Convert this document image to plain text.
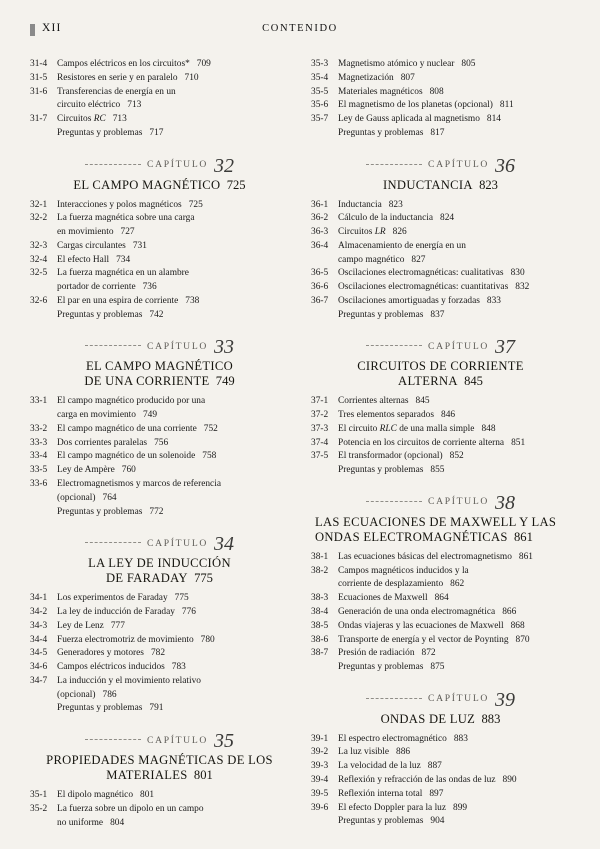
XII	CONTENIDO
31-4	Campos eléctricos en los circuitos* 709
31-5	Resistores en serie y en paralelo 710
31-6	Transferencias de energía en un
circuito eléctrico 713
31-7	Circuitos RC 713
Preguntas y problemas 717
CAPÍTULO 32
EL CAMPO MAGNÉTICO  725
32-1	Interacciones y polos magnéticos 725
32-2	La fuerza magnética sobre una carga
en movimiento 727
32-3	Cargas circulantes 731
32-4	El efecto Hall 734
32-5	La fuerza magnética en un alambre
portador de corriente 736
32-6	El par en una espira de corriente 738
Preguntas y problemas 742
CAPÍTULO 33
EL CAMPO MAGNÉTICO
DE UNA CORRIENTE  749
33-1	El campo magnético producido por una
carga en movimiento 749
33-2	El campo magnético de una corriente 752
33-3	Dos corrientes paralelas 756
33-4	El campo magnético de un solenoide 758
33-5	Ley de Ampère 760
33-6	Electromagnetismos y marcos de referencia
(opcional) 764
Preguntas y problemas 772
CAPÍTULO 34
LA LEY DE INDUCCIÓN
DE FARADAY  775
34-1	Los experimentos de Faraday 775
34-2	La ley de inducción de Faraday 776
34-3	Ley de Lenz 777
34-4	Fuerza electromotriz de movimiento 780
34-5	Generadores y motores 782
34-6	Campos eléctricos inducidos 783
34-7	La inducción y el movimiento relativo
(opcional) 786
Preguntas y problemas 791
CAPÍTULO 35
PROPIEDADES MAGNÉTICAS DE LOS
MATERIALES  801
35-1	El dipolo magnético 801
35-2	La fuerza sobre un dipolo en un campo
no uniforme 804
35-3	Magnetismo atómico y nuclear 805
35-4	Magnetización 807
35-5	Materiales magnéticos 808
35-6	El magnetismo de los planetas (opcional) 811
35-7	Ley de Gauss aplicada al magnetismo 814
Preguntas y problemas 817
CAPÍTULO 36
INDUCTANCIA  823
36-1	Inductancia 823
36-2	Cálculo de la inductancia 824
36-3	Circuitos LR 826
36-4	Almacenamiento de energía en un
campo magnético 827
36-5	Oscilaciones electromagnéticas: cualitativas 830
36-6	Oscilaciones electromagnéticas: cuantitativas 832
36-7	Oscilaciones amortiguadas y forzadas 833
Preguntas y problemas 837
CAPÍTULO 37
CIRCUITOS DE CORRIENTE
ALTERNA  845
37-1	Corrientes alternas 845
37-2	Tres elementos separados 846
37-3	El circuito RLC de una malla simple 848
37-4	Potencia en los circuitos de corriente alterna 851
37-5	El transformador (opcional) 852
Preguntas y problemas 855
CAPÍTULO 38
LAS ECUACIONES DE MAXWELL Y LAS
ONDAS ELECTROMAGNÉTICAS  861
38-1	Las ecuaciones básicas del electromagnetismo 861
38-2	Campos magnéticos inducidos y la
corriente de desplazamiento 862
38-3	Ecuaciones de Maxwell 864
38-4	Generación de una onda electromagnética 866
38-5	Ondas viajeras y las ecuaciones de Maxwell 868
38-6	Transporte de energía y el vector de Poynting 870
38-7	Presión de radiación 872
Preguntas y problemas 875
CAPÍTULO 39
ONDAS DE LUZ  883
39-1	El espectro electromagnético 883
39-2	La luz visible 886
39-3	La velocidad de la luz 887
39-4	Reflexión y refracción de las ondas de luz 890
39-5	Reflexión interna total 897
39-6	El efecto Doppler para la luz 899
Preguntas y problemas 904
